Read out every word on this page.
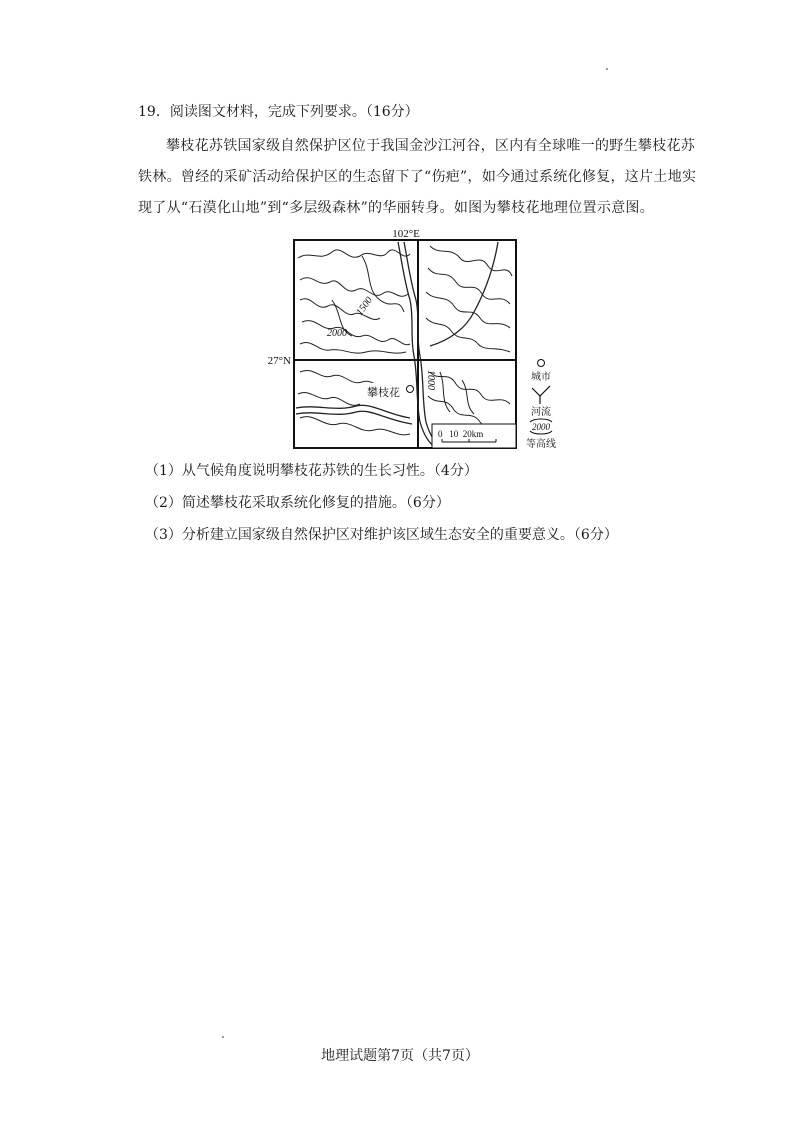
19．阅读图文材料，完成下列要求。（16分）
攀枝花苏铁国家级自然保护区位于我国金沙江河谷，区内有全球唯一的野生攀枝花苏铁林。曾经的采矿活动给保护区的生态留下了“伤疤”，如今通过系统化修复，这片土地实现了从“石漠化山地”到“多层级森林”的华丽转身。如图为攀枝花地理位置示意图。
102°E
27°N
1500
2000
1000
攀枝花
0   10  20km
城市
河流
2000
等高线
（1）从气候角度说明攀枝花苏铁的生长习性。（4分）
（2）简述攀枝花采取系统化修复的措施。（6分）
（3）分析建立国家级自然保护区对维护该区域生态安全的重要意义。（6分）
地理试题第7页（共7页）
